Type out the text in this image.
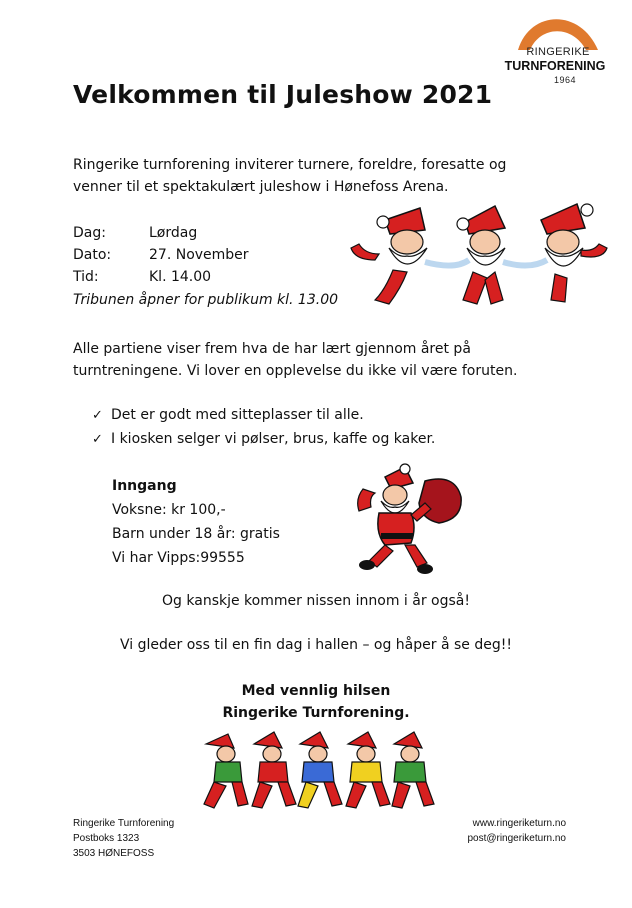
RINGERIKE
TURNFORENING
1964
Velkommen til Juleshow 2021
Ringerike turnforening inviterer turnere, foreldre, foresatte og venner til et spektakulært juleshow i Hønefoss Arena.
Dag:	Lørdag
Dato:	27. November
Tid:	Kl. 14.00
Tribunen åpner for publikum kl. 13.00
Alle partiene viser frem hva de har lært gjennom året på turntreningene. Vi lover en opplevelse du ikke vil være foruten.
✓ Det er godt med sitteplasser til alle.
✓ I kiosken selger vi pølser, brus, kaffe og kaker.
Inngang
Voksne: kr 100,-
Barn under 18 år: gratis
Vi har Vipps:99555
Og kanskje kommer nissen innom i år også!
Vi gleder oss til en fin dag i hallen – og håper å se deg!!
Med vennlig hilsen
Ringerike Turnforening.
Ringerike Turnforening
Postboks 1323
3503 HØNEFOSS
www.ringeriketurn.no
post@ringeriketurn.no
